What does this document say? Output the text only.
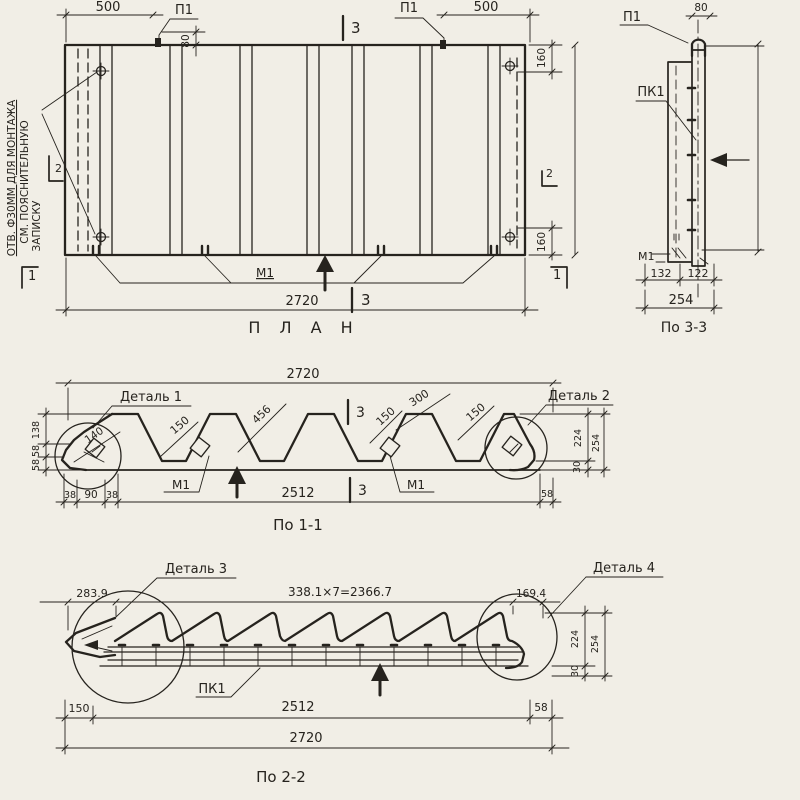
500	500
П1	П1
80
3
160
160
2
2
1	1
ОТВ. Ф30ММ ДЛЯ МОНТАЖА СМ. ПОЯСНИТЕЛЬНУЮ ЗАПИСКУ
М1
2720	3
П Л А Н
80
П1
ПК1
М1
132 122
254
По 3-3
2720
Деталь 1	Деталь 2
140	150	456	150
300
150
М1	М1
3
3
138
58
58
38 90 38	2512	58
224 254
30
По 1-1
283.9	338.1×7=2366.7	169.4
Деталь 3	Деталь 4
ПК1
224 254
30
150	2512	58
2720
По 2-2
